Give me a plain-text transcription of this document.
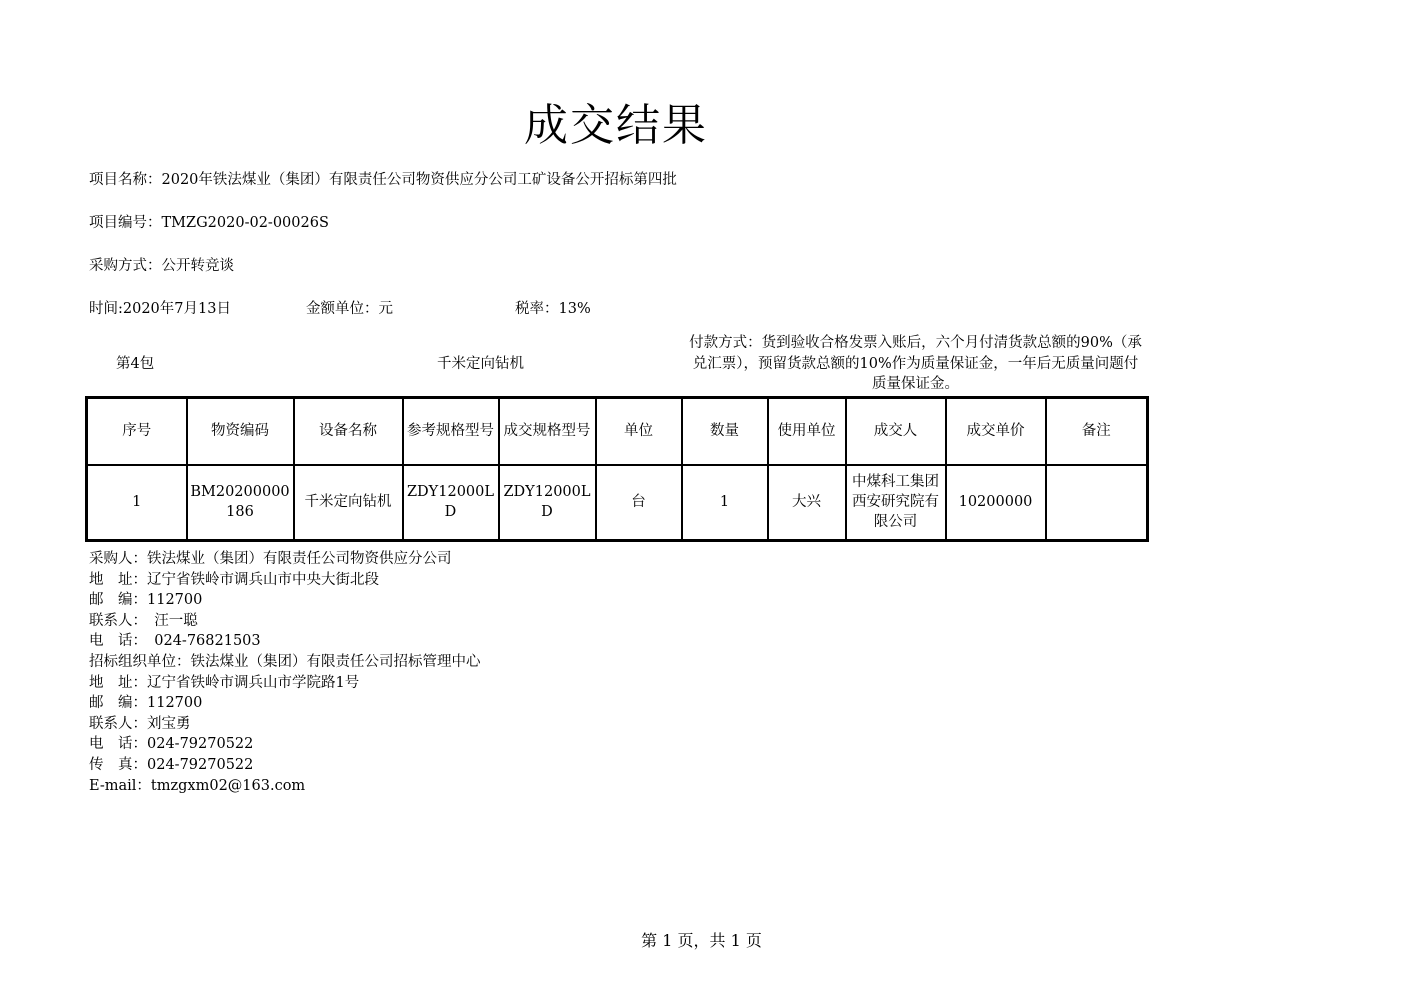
成交结果
项目名称：2020年铁法煤业（集团）有限责任公司物资供应分公司工矿设备公开招标第四批
项目编号：TMZG2020-02-00026S
采购方式：公开转竞谈
时间:2020年7月13日	金额单位：元	税率：13%
第4包	千米定向钻机
付款方式：货到验收合格发票入账后，六个月付清货款总额的90%（承兑汇票），预留货款总额的10%作为质量保证金，一年后无质量问题付质量保证金。
序号	物资编码	设备名称	参考规格型号	成交规格型号	单位	数量	使用单位	成交人	成交单价	备注
1	BM20200000186	千米定向钻机	ZDY12000LD	ZDY12000LD	台	1	大兴	中煤科工集团西安研究院有限公司	10200000	
采购人：铁法煤业（集团）有限责任公司物资供应分公司
地　址：辽宁省铁岭市调兵山市中央大街北段
邮　编：112700
联系人：　汪一聪
电　话：　024-76821503
招标组织单位：铁法煤业（集团）有限责任公司招标管理中心
地　址：辽宁省铁岭市调兵山市学院路1号
邮　编：112700
联系人：刘宝勇
电　话：024-79270522
传　真：024-79270522
E-mail：tmzgxm02@163.com
第 1 页，共 1 页
